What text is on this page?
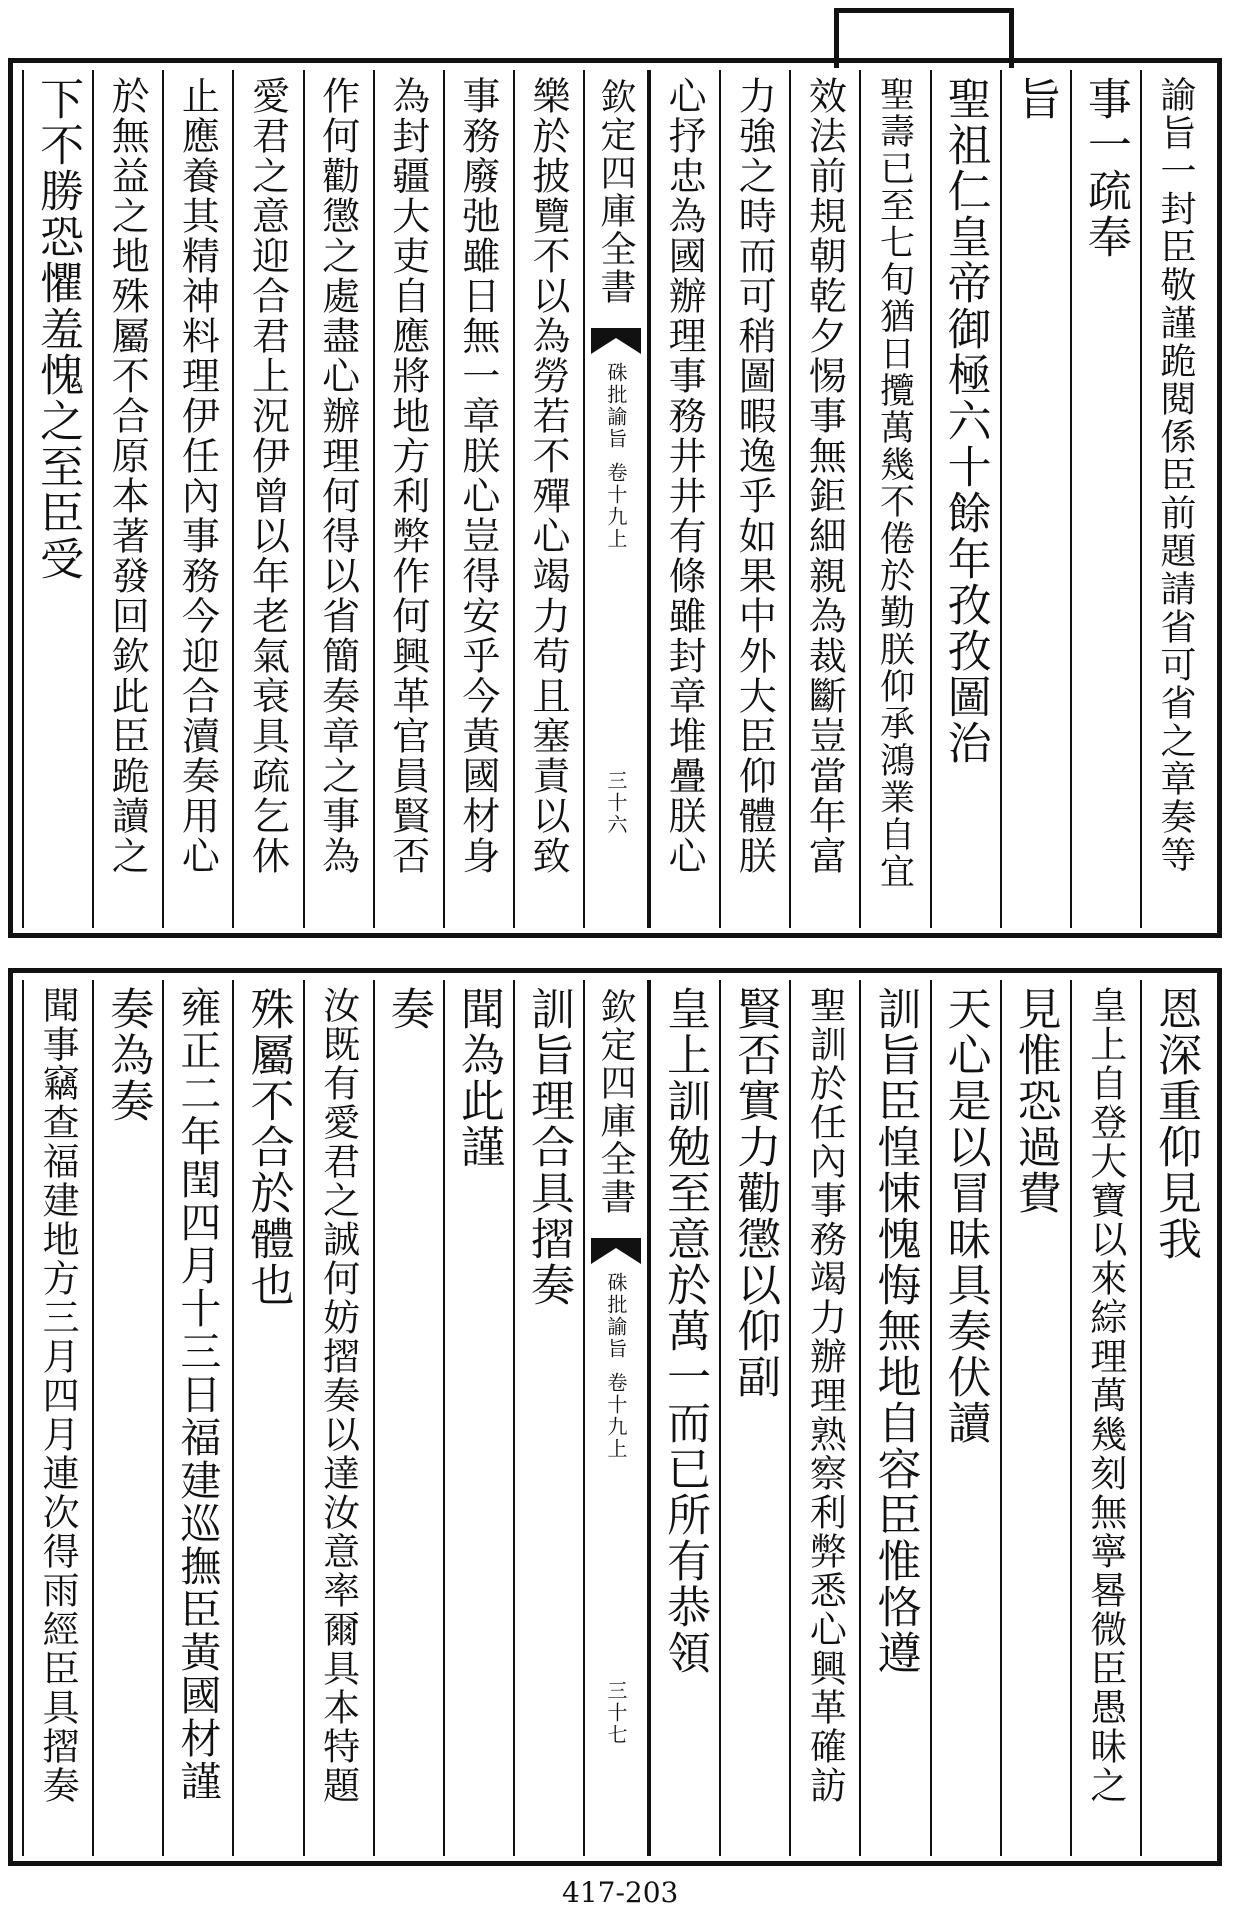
諭旨一封臣敬謹跪閱係臣前題請省可省之章奏等
事一疏奉
旨
聖祖仁皇帝御極六十餘年孜孜圖治
聖壽已至七旬猶日攬萬幾不倦於勤朕仰承鴻業自宜
效法前規朝乾夕惕事無鉅細親為裁斷豈當年富
力強之時而可稍圖暇逸乎如果中外大臣仰體朕
心抒忠為國辦理事務井井有條雖封章堆疊朕心
欽定四庫全書
硃批諭旨
卷十九上
三十六
樂於披覽不以為勞若不殫心竭力苟且塞責以致
事務廢弛雖日無一章朕心豈得安乎今黃國材身
為封疆大吏自應將地方利弊作何興革官員賢否
作何勸懲之處盡心辦理何得以省簡奏章之事為
愛君之意迎合君上況伊曾以年老氣衰具疏乞休
止應養其精神料理伊任內事務今迎合瀆奏用心
於無益之地殊屬不合原本著發回欽此臣跪讀之
下不勝恐懼羞愧之至臣受
恩深重仰見我
皇上自登大寶以來綜理萬幾刻無寧晷微臣愚昧之
見惟恐過費
天心是以冒昧具奏伏讀
訓旨臣惶悚愧悔無地自容臣惟恪遵
聖訓於任內事務竭力辦理熟察利弊悉心興革確訪
賢否實力勸懲以仰副
皇上訓勉至意於萬一而已所有恭領
欽定四庫全書
硃批諭旨
卷十九上
三十七
訓旨理合具摺奏
聞為此謹
奏
汝既有愛君之誠何妨摺奏以達汝意率爾具本特題
殊屬不合於體也
雍正二年閏四月十三日福建巡撫臣黃國材謹
奏為奏
聞事竊查福建地方三月四月連次得雨經臣具摺奏
417-203
